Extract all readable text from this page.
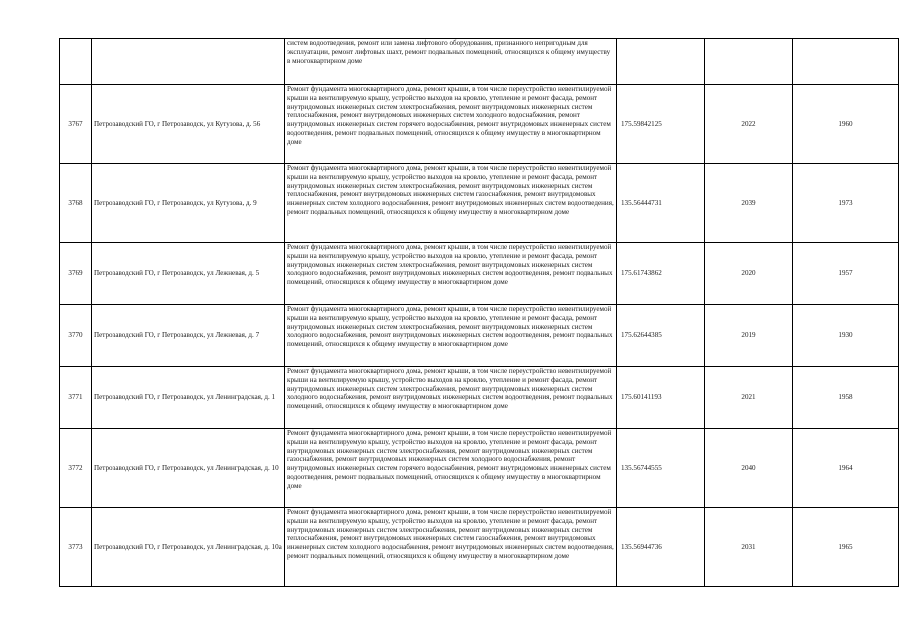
		систем водоотведения, ремонт или замена лифтового оборудования, признанного непригодным для эксплуатации, ремонт лифтовых шахт, ремонт подвальных помещений, относящихся к общему имуществу в многоквартирном доме			
3767	Петрозаводский ГО, г Петрозаводск, ул Кутузова, д. 56	Ремонт фундамента многоквартирного дома, ремонт крыши, в том числе переустройство невентилируемой крыши на вентилируемую крышу, устройство выходов на кровлю, утепление и ремонт фасада, ремонт внутридомовых инженерных систем электроснабжения, ремонт внутридомовых инженерных систем теплоснабжения, ремонт внутридомовых инженерных систем холодного водоснабжения, ремонт внутридомовых инженерных систем горячего водоснабжения, ремонт внутридомовых инженерных систем водоотведения, ремонт подвальных помещений, относящихся к общему имуществу в многоквартирном доме	175.59842125	2022	1960
3768	Петрозаводский ГО, г Петрозаводск, ул Кутузова, д. 9	Ремонт фундамента многоквартирного дома, ремонт крыши, в том числе переустройство невентилируемой крыши на вентилируемую крышу, устройство выходов на кровлю, утепление и ремонт фасада, ремонт внутридомовых инженерных систем электроснабжения, ремонт внутридомовых инженерных систем теплоснабжения, ремонт внутридомовых инженерных систем газоснабжения, ремонт внутридомовых инженерных систем холодного водоснабжения, ремонт внутридомовых инженерных систем водоотведения, ремонт подвальных помещений, относящихся к общему имуществу в многоквартирном доме	135.56444731	2039	1973
3769	Петрозаводский ГО, г Петрозаводск, ул Лежневая, д. 5	Ремонт фундамента многоквартирного дома, ремонт крыши, в том числе переустройство невентилируемой крыши на вентилируемую крышу, устройство выходов на кровлю, утепление и ремонт фасада, ремонт внутридомовых инженерных систем электроснабжения, ремонт внутридомовых инженерных систем холодного водоснабжения, ремонт внутридомовых инженерных систем водоотведения, ремонт подвальных помещений, относящихся к общему имуществу в многоквартирном доме	175.61743862	2020	1957
3770	Петрозаводский ГО, г Петрозаводск, ул Лежневая, д. 7	Ремонт фундамента многоквартирного дома, ремонт крыши, в том числе переустройство невентилируемой крыши на вентилируемую крышу, устройство выходов на кровлю, утепление и ремонт фасада, ремонт внутридомовых инженерных систем электроснабжения, ремонт внутридомовых инженерных систем холодного водоснабжения, ремонт внутридомовых инженерных систем водоотведения, ремонт подвальных помещений, относящихся к общему имуществу в многоквартирном доме	175.62644385	2019	1930
3771	Петрозаводский ГО, г Петрозаводск, ул Ленинградская, д. 1	Ремонт фундамента многоквартирного дома, ремонт крыши, в том числе переустройство невентилируемой крыши на вентилируемую крышу, устройство выходов на кровлю, утепление и ремонт фасада, ремонт внутридомовых инженерных систем электроснабжения, ремонт внутридомовых инженерных систем холодного водоснабжения, ремонт внутридомовых инженерных систем водоотведения, ремонт подвальных помещений, относящихся к общему имуществу в многоквартирном доме	175.60141193	2021	1958
3772	Петрозаводский ГО, г Петрозаводск, ул Ленинградская, д. 10	Ремонт фундамента многоквартирного дома, ремонт крыши, в том числе переустройство невентилируемой крыши на вентилируемую крышу, устройство выходов на кровлю, утепление и ремонт фасада, ремонт внутридомовых инженерных систем электроснабжения, ремонт внутридомовых инженерных систем газоснабжения, ремонт внутридомовых инженерных систем холодного водоснабжения, ремонт внутридомовых инженерных систем горячего водоснабжения, ремонт внутридомовых инженерных систем водоотведения, ремонт подвальных помещений, относящихся к общему имуществу в многоквартирном доме	135.56744555	2040	1964
3773	Петрозаводский ГО, г Петрозаводск, ул Ленинградская, д. 10а	Ремонт фундамента многоквартирного дома, ремонт крыши, в том числе переустройство невентилируемой крыши на вентилируемую крышу, устройство выходов на кровлю, утепление и ремонт фасада, ремонт внутридомовых инженерных систем электроснабжения, ремонт внутридомовых инженерных систем теплоснабжения, ремонт внутридомовых инженерных систем газоснабжения, ремонт внутридомовых инженерных систем холодного водоснабжения, ремонт внутридомовых инженерных систем водоотведения, ремонт подвальных помещений, относящихся к общему имуществу в многоквартирном доме	135.56944736	2031	1965
